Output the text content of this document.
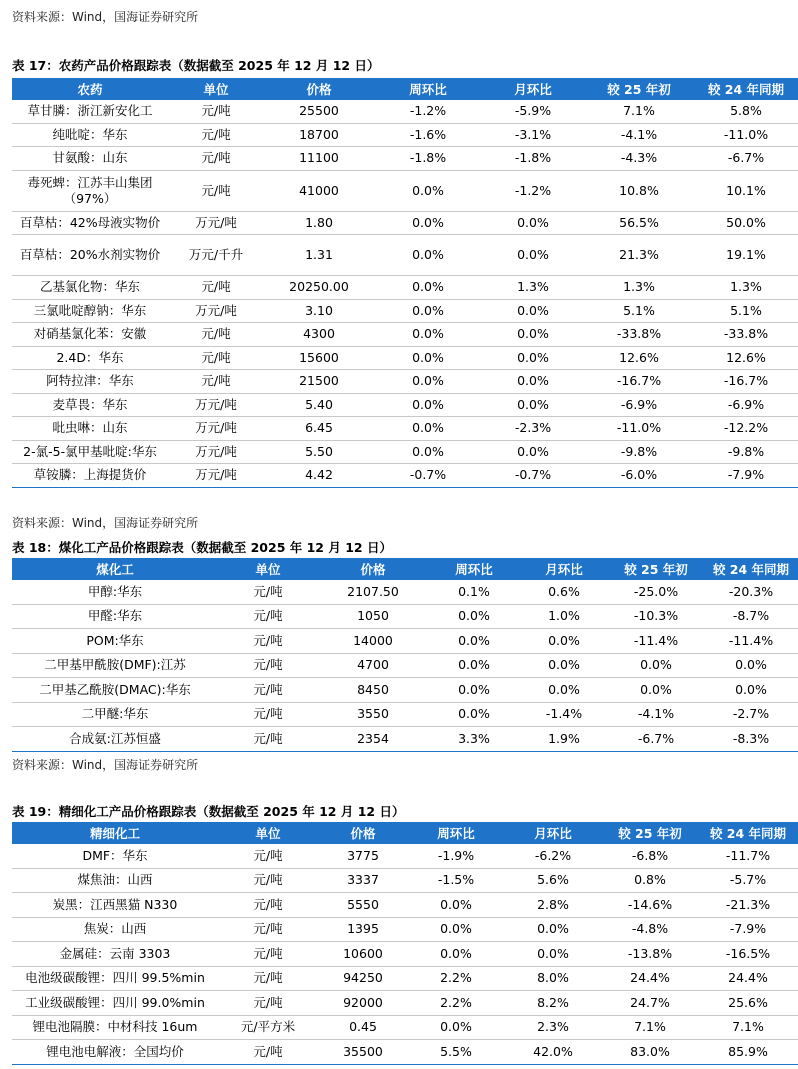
资料来源：Wind，国海证券研究所
表 17：农药产品价格跟踪表（数据截至 2025 年 12 月 12 日）
农药	单位	价格	周环比	月环比	较 25 年初	较 24 年同期
草甘膦：浙江新安化工	元/吨	25500	-1.2%	-5.9%	7.1%	5.8%
纯吡啶：华东	元/吨	18700	-1.6%	-3.1%	-4.1%	-11.0%
甘氨酸：山东	元/吨	11100	-1.8%	-1.8%	-4.3%	-6.7%
毒死蜱：江苏丰山集团（97%）	元/吨	41000	0.0%	-1.2%	10.8%	10.1%
百草枯：42%母液实物价	万元/吨	1.80	0.0%	0.0%	56.5%	50.0%
百草枯：20%水剂实物价	万元/千升	1.31	0.0%	0.0%	21.3%	19.1%
乙基氯化物：华东	元/吨	20250.00	0.0%	1.3%	1.3%	1.3%
三氯吡啶醇钠：华东	万元/吨	3.10	0.0%	0.0%	5.1%	5.1%
对硝基氯化苯：安徽	元/吨	4300	0.0%	0.0%	-33.8%	-33.8%
2.4D：华东	元/吨	15600	0.0%	0.0%	12.6%	12.6%
阿特拉津：华东	元/吨	21500	0.0%	0.0%	-16.7%	-16.7%
麦草畏：华东	万元/吨	5.40	0.0%	0.0%	-6.9%	-6.9%
吡虫啉：山东	万元/吨	6.45	0.0%	-2.3%	-11.0%	-12.2%
2-氯-5-氯甲基吡啶:华东	万元/吨	5.50	0.0%	0.0%	-9.8%	-9.8%
草铵膦：上海提货价	万元/吨	4.42	-0.7%	-0.7%	-6.0%	-7.9%
资料来源：Wind，国海证券研究所
表 18：煤化工产品价格跟踪表（数据截至 2025 年 12 月 12 日）
煤化工	单位	价格	周环比	月环比	较 25 年初	较 24 年同期
甲醇:华东	元/吨	2107.50	0.1%	0.6%	-25.0%	-20.3%
甲醛:华东	元/吨	1050	0.0%	1.0%	-10.3%	-8.7%
POM:华东	元/吨	14000	0.0%	0.0%	-11.4%	-11.4%
二甲基甲酰胺(DMF):江苏	元/吨	4700	0.0%	0.0%	0.0%	0.0%
二甲基乙酰胺(DMAC):华东	元/吨	8450	0.0%	0.0%	0.0%	0.0%
二甲醚:华东	元/吨	3550	0.0%	-1.4%	-4.1%	-2.7%
合成氨:江苏恒盛	元/吨	2354	3.3%	1.9%	-6.7%	-8.3%
资料来源：Wind，国海证券研究所
表 19：精细化工产品价格跟踪表（数据截至 2025 年 12 月 12 日）
精细化工	单位	价格	周环比	月环比	较 25 年初	较 24 年同期
DMF：华东	元/吨	3775	-1.9%	-6.2%	-6.8%	-11.7%
煤焦油：山西	元/吨	3337	-1.5%	5.6%	0.8%	-5.7%
炭黑：江西黑猫 N330	元/吨	5550	0.0%	2.8%	-14.6%	-21.3%
焦炭：山西	元/吨	1395	0.0%	0.0%	-4.8%	-7.9%
金属硅：云南 3303	元/吨	10600	0.0%	0.0%	-13.8%	-16.5%
电池级碳酸锂：四川 99.5%min	元/吨	94250	2.2%	8.0%	24.4%	24.4%
工业级碳酸锂：四川 99.0%min	元/吨	92000	2.2%	8.2%	24.7%	25.6%
锂电池隔膜：中材科技 16um	元/平方米	0.45	0.0%	2.3%	7.1%	7.1%
锂电池电解液：全国均价	元/吨	35500	5.5%	42.0%	83.0%	85.9%
